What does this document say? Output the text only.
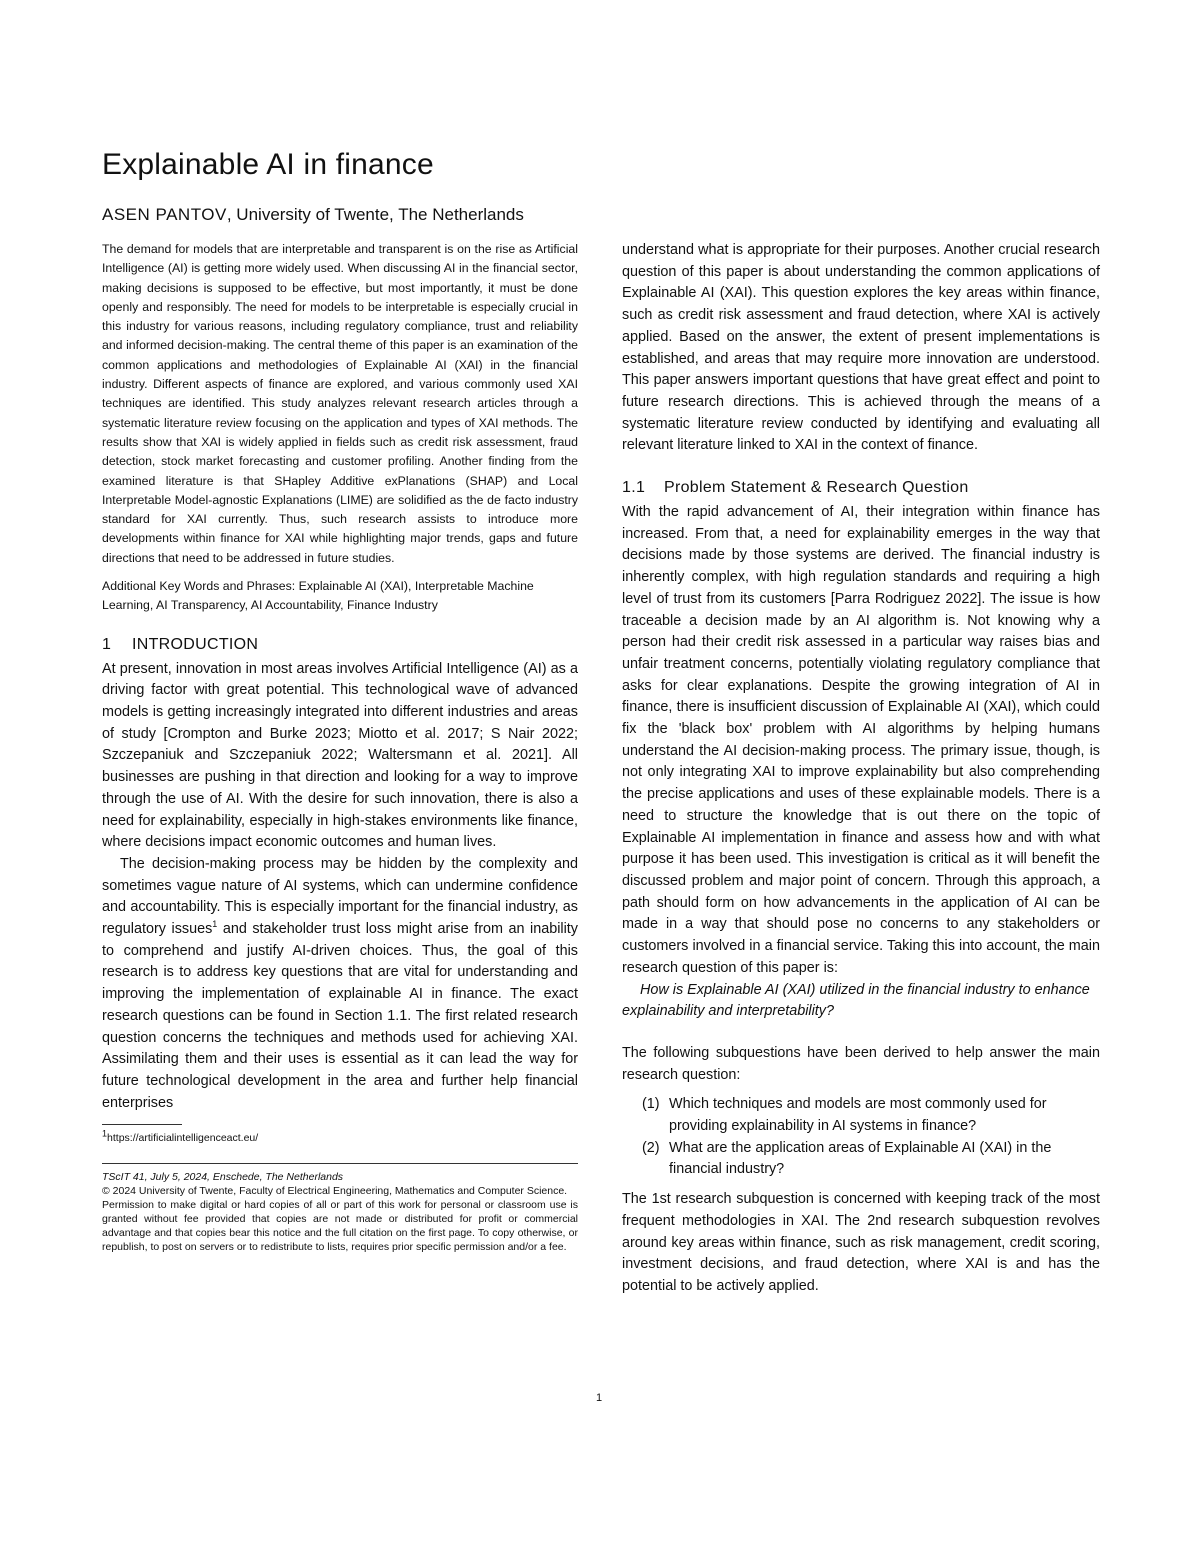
Explainable AI in finance
ASEN PANTOV, University of Twente, The Netherlands

The demand for models that are interpretable and transparent is on the rise as Artificial Intelligence (AI) is getting more widely used. When discussing AI in the financial sector, making decisions is supposed to be effective, but most importantly, it must be done openly and responsibly. The need for models to be interpretable is especially crucial in this industry for various reasons, including regulatory compliance, trust and reliability and informed decision-making. The central theme of this paper is an examination of the common applications and methodologies of Explainable AI (XAI) in the financial industry. Different aspects of finance are explored, and various commonly used XAI techniques are identified. This study analyzes relevant research articles through a systematic literature review focusing on the application and types of XAI methods. The results show that XAI is widely applied in fields such as credit risk assessment, fraud detection, stock market forecasting and customer profiling. Another finding from the examined literature is that SHapley Additive exPlanations (SHAP) and Local Interpretable Model-agnostic Explanations (LIME) are solidified as the de facto industry standard for XAI currently. Thus, such research assists to introduce more developments within finance for XAI while highlighting major trends, gaps and future directions that need to be addressed in future studies.

Additional Key Words and Phrases: Explainable AI (XAI), Interpretable Machine Learning, AI Transparency, AI Accountability, Finance Industry

1 INTRODUCTION

At present, innovation in most areas involves Artificial Intelligence (AI) as a driving factor with great potential. This technological wave of advanced models is getting increasingly integrated into different industries and areas of study [Crompton and Burke 2023; Miotto et al. 2017; S Nair 2022; Szczepaniuk and Szczepaniuk 2022; Waltersmann et al. 2021]. All businesses are pushing in that direction and looking for a way to improve through the use of AI. With the desire for such innovation, there is also a need for explainability, especially in high-stakes environments like finance, where decisions impact economic outcomes and human lives.

The decision-making process may be hidden by the complexity and sometimes vague nature of AI systems, which can undermine confidence and accountability. This is especially important for the financial industry, as regulatory issues$^1$ and stakeholder trust loss might arise from an inability to comprehend and justify AI-driven choices. Thus, the goal of this research is to address key questions that are vital for understanding and improving the implementation of explainable AI in finance. The exact research questions can be found in Section 1.1. The first related research question concerns the techniques and methods used for achieving XAI. Assimilating them and their uses is essential as it can lead the way for future technological development in the area and further help financial enterprises

$^1$https://artificialintelligenceact.eu/

TScIT 41, July 5, 2024, Enschede, The Netherlands

© 2024 University of Twente, Faculty of Electrical Engineering, Mathematics and Computer Science.

Permission to make digital or hard copies of all or part of this work for personal or classroom use is granted without fee provided that copies are not made or distributed for profit or commercial advantage and that copies bear this notice and the full citation on the first page. To copy otherwise, or republish, to post on servers or to redistribute to lists, requires prior specific permission and/or a fee.

understand what is appropriate for their purposes. Another crucial research question of this paper is about understanding the common applications of Explainable AI (XAI). This question explores the key areas within finance, such as credit risk assessment and fraud detection, where XAI is actively applied. Based on the answer, the extent of present implementations is established, and areas that may require more innovation are understood. This paper answers important questions that have great effect and point to future research directions. This is achieved through the means of a systematic literature review conducted by identifying and evaluating all relevant literature linked to XAI in the context of finance.

1.1 Problem Statement & Research Question

With the rapid advancement of AI, their integration within finance has increased. From that, a need for explainability emerges in the way that decisions made by those systems are derived. The financial industry is inherently complex, with high regulation standards and requiring a high level of trust from its customers [Parra Rodriguez 2022]. The issue is how traceable a decision made by an AI algorithm is. Not knowing why a person had their credit risk assessed in a particular way raises bias and unfair treatment concerns, potentially violating regulatory compliance that asks for clear explanations. Despite the growing integration of AI in finance, there is insufficient discussion of Explainable AI (XAI), which could fix the 'black box' problem with AI algorithms by helping humans understand the AI decision-making process. The primary issue, though, is not only integrating XAI to improve explainability but also comprehending the precise applications and uses of these explainable models. There is a need to structure the knowledge that is out there on the topic of Explainable AI implementation in finance and assess how and with what purpose it has been used. This investigation is critical as it will benefit the discussed problem and major point of concern. Through this approach, a path should form on how advancements in the application of AI can be made in a way that should pose no concerns to any stakeholders or customers involved in a financial service. Taking this into account, the main research question of this paper is:

How is Explainable AI (XAI) utilized in the financial industry to enhance explainability and interpretability?

The following subquestions have been derived to help answer the main research question:

(1) Which techniques and models are most commonly used for providing explainability in AI systems in finance?
(2) What are the application areas of Explainable AI (XAI) in the financial industry?

The 1st research subquestion is concerned with keeping track of the most frequent methodologies in XAI. The 2nd research subquestion revolves around key areas within finance, such as risk management, credit scoring, investment decisions, and fraud detection, where XAI is and has the potential to be actively applied.

1
